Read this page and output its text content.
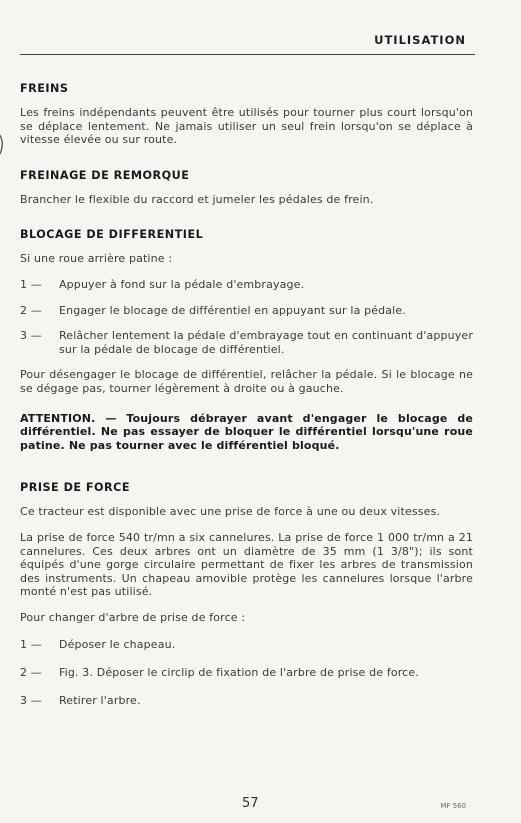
UTILISATION
FREINS

Les freins indépendants peuvent être utilisés pour tourner plus court lorsqu'on se déplace lentement. Ne jamais utiliser un seul frein lorsqu'on se déplace à vitesse élevée ou sur route.

FREINAGE DE REMORQUE

Brancher le flexible du raccord et jumeler les pédales de frein.

BLOCAGE DE DIFFERENTIEL

Si une roue arrière patine :

1 —	Appuyer à fond sur la pédale d'embrayage.
2 —	Engager le blocage de différentiel en appuyant sur la pédale.
3 —	Relâcher lentement la pédale d'embrayage tout en continuant d'appuyer sur la pédale de blocage de différentiel.

Pour désengager le blocage de différentiel, relâcher la pédale. Si le blocage ne se dégage pas, tourner légèrement à droite ou à gauche.

ATTENTION. — Toujours débrayer avant d'engager le blocage de différentiel. Ne pas essayer de bloquer le différentiel lorsqu'une roue patine. Ne pas tourner avec le différentiel bloqué.

PRISE DE FORCE

Ce tracteur est disponible avec une prise de force à une ou deux vitesses.

La prise de force 540 tr/mn a six cannelures. La prise de force 1 000 tr/mn a 21 cannelures. Ces deux arbres ont un diamètre de 35 mm (1 3/8"); ils sont équipés d'une gorge circulaire permettant de fixer les arbres de transmission des instruments. Un chapeau amovible protège les cannelures lorsque l'arbre monté n'est pas utilisé.

Pour changer d'arbre de prise de force :

1 —	Déposer le chapeau.
2 —	Fig. 3. Déposer le circlip de fixation de l'arbre de prise de force.
3 —	Retirer l'arbre.
57	MF 560
